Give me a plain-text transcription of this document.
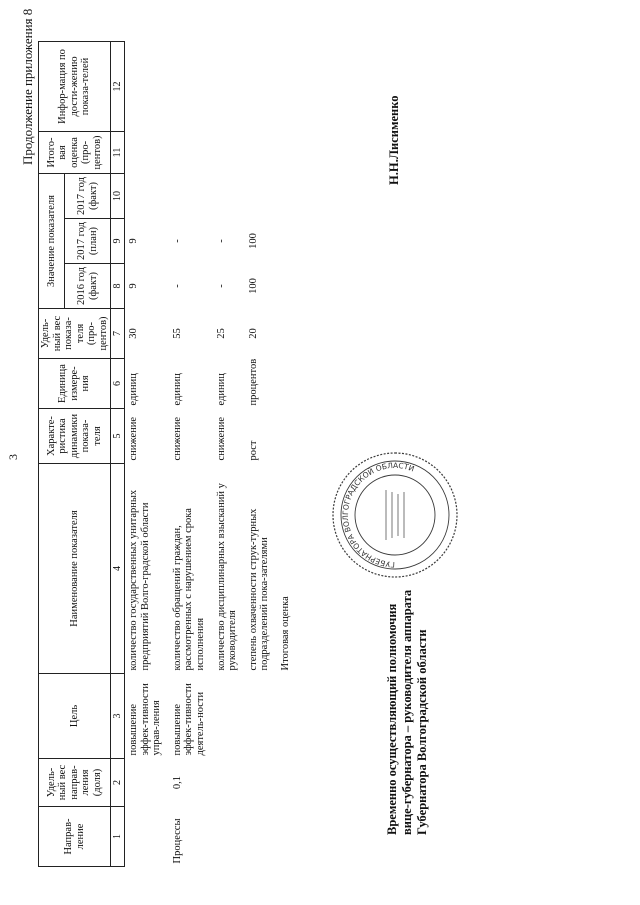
3
Продолжение приложения 8
Направ-ление	Удель-ный вес направ-ления (доля)	Цель	Наименование показателя	Характе-ристика динамики показа-теля	Единица измере-ния	Удель-ный вес показа-теля (про-центов)	Значение показателя			Итого-вая оценка (про-центов)	Инфор-мация по дости-жению показа-телей
							2016 год (факт)	2017 год (план)	2017 год (факт)		
1	2	3	4	5	6	7	8	9	10	11	12
		повышение эффек-тивности управ-ления	количество государственных унитарных предприятий Волго-градской области	снижение	единиц	30	9	9			
Процессы	0,1	повышение эффек-тивности деятель-ности	количество обращений граждан, рассмотренных с нарушением срока исполнения	снижение	единиц	55	-	-			
			количество дисциплинарных взысканий у руководителя	снижение	единиц	25	-	-			
			степень охваченности струк-турных подразделений пока-зателями	рост	процентов	20	100	100			
			Итоговая оценка								
ГУБЕРНАТОРА ВОЛГОГРАДСКОЙ ОБЛАСТИ
Временно осуществляющий полномочия вице-губернатора – руководителя аппарата Губернатора Волгоградской области
Н.Н.Лисименко
